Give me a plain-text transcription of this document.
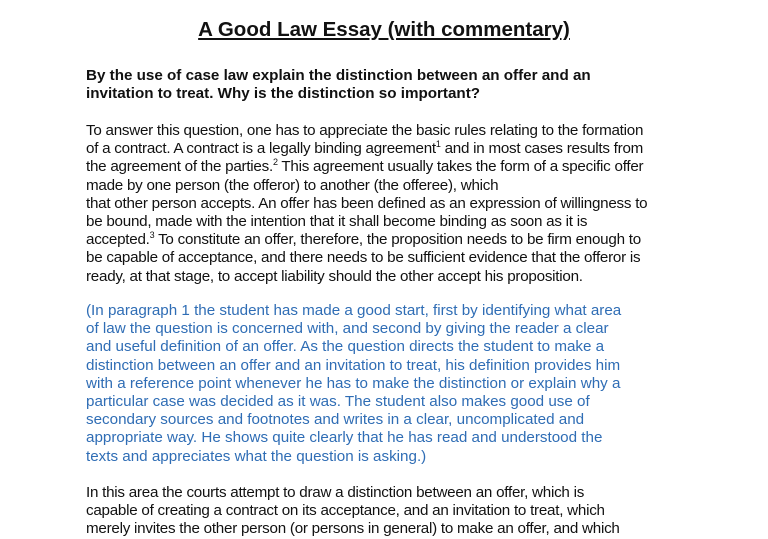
A Good Law Essay (with commentary)

By the use of case law explain the distinction between an offer and an
invitation to treat. Why is the distinction so important?

To answer this question, one has to appreciate the basic rules relating to the formation
of a contract. A contract is a legally binding agreement$^1$ and in most cases results from
the agreement of the parties.$^2$ This agreement usually takes the form of a specific offer
made by one person (the offeror) to another (the offeree), which
that other person accepts. An offer has been defined as an expression of willingness to
be bound, made with the intention that it shall become binding as soon as it is
accepted.$^3$ To constitute an offer, therefore, the proposition needs to be firm enough to
be capable of acceptance, and there needs to be sufficient evidence that the offeror is
ready, at that stage, to accept liability should the other accept his proposition.

(In paragraph 1 the student has made a good start, first by identifying what area
of law the question is concerned with, and second by giving the reader a clear
and useful definition of an offer. As the question directs the student to make a
distinction between an offer and an invitation to treat, his definition provides him
with a reference point whenever he has to make the distinction or explain why a
particular case was decided as it was. The student also makes good use of
secondary sources and footnotes and writes in a clear, uncomplicated and
appropriate way. He shows quite clearly that he has read and understood the
texts and appreciates what the question is asking.)

In this area the courts attempt to draw a distinction between an offer, which is
capable of creating a contract on its acceptance, and an invitation to treat, which
merely invites the other person (or persons in general) to make an offer, and which
